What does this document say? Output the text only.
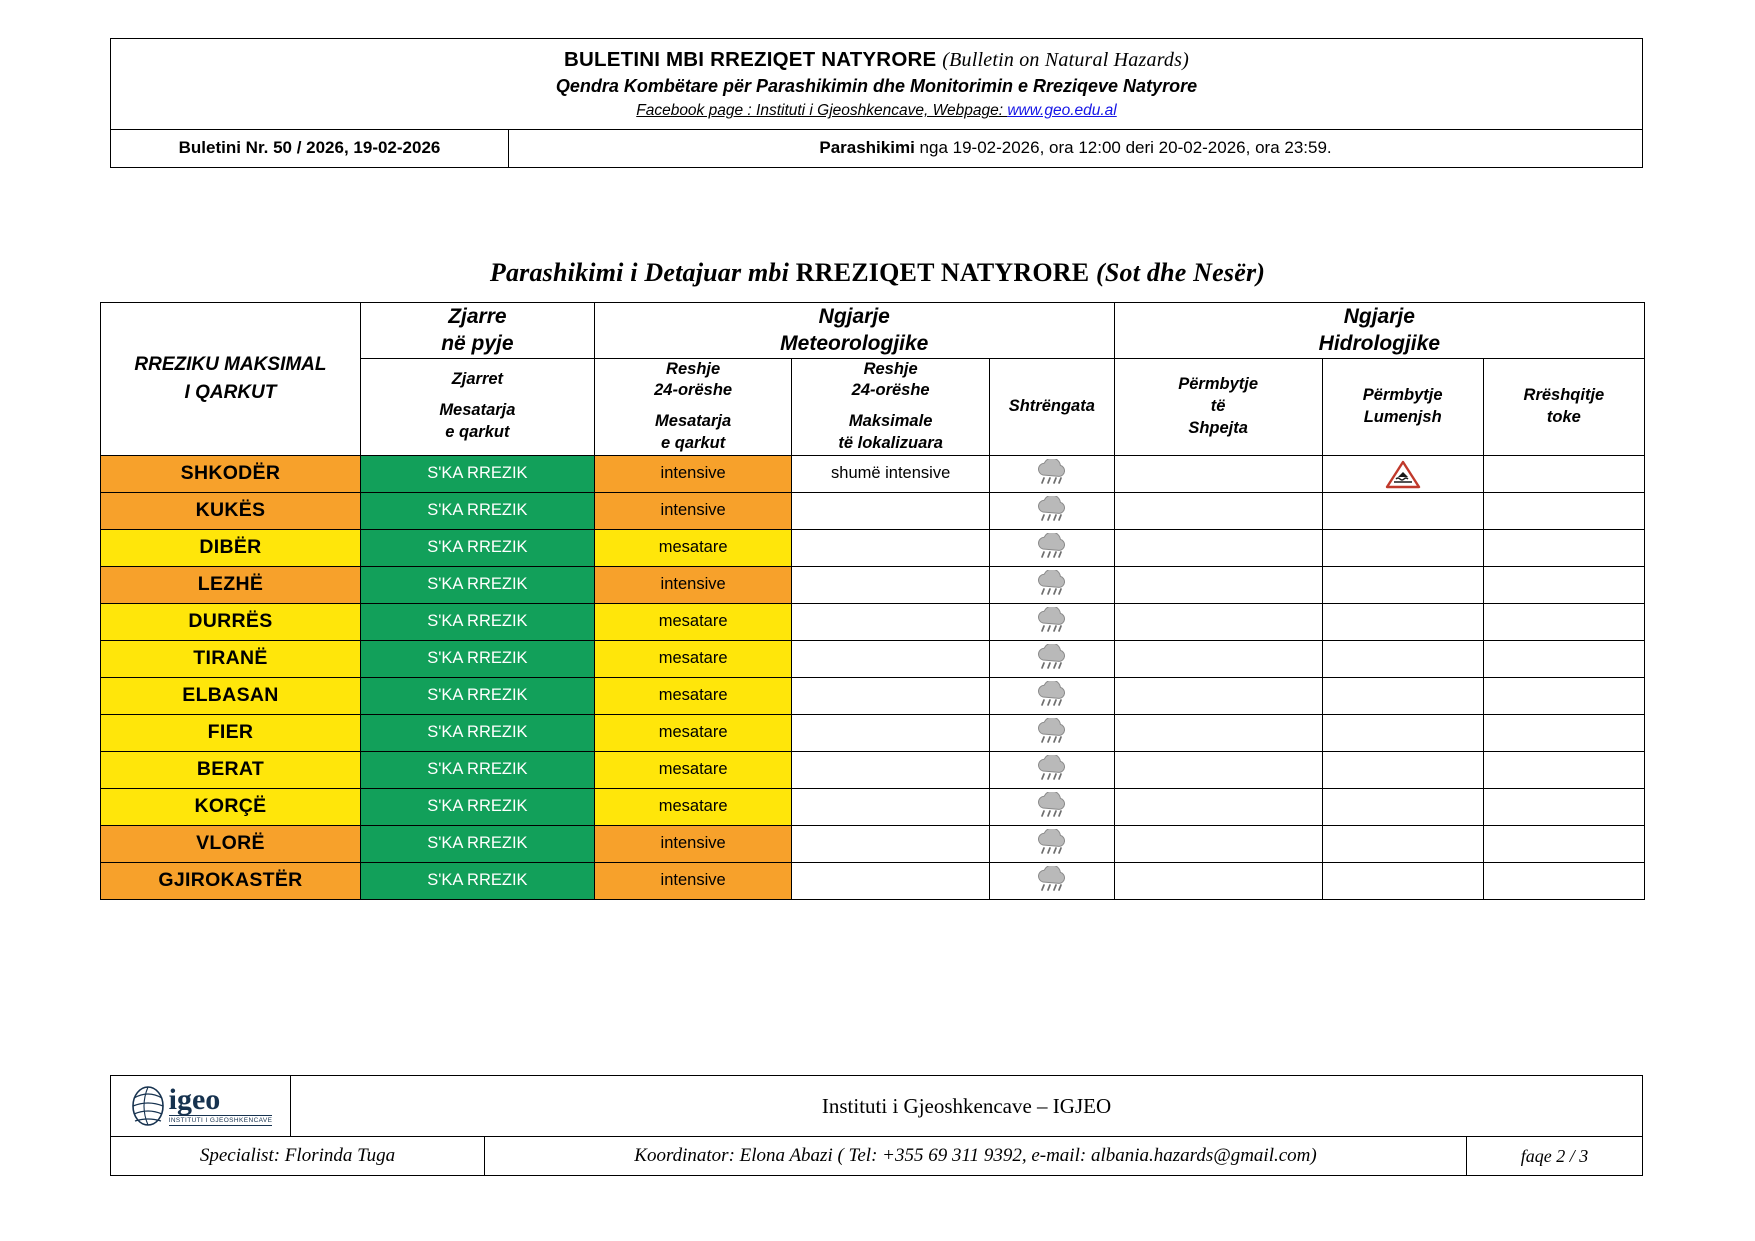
BULETINI MBI RREZIQET NATYRORE (Bulletin on Natural Hazards)
Qendra Kombëtare për Parashikimin dhe Monitorimin e Rreziqeve Natyrore
Facebook page : Instituti i Gjeoshkencave, Webpage: www.geo.edu.al
Buletini Nr. 50 / 2026, 19-02-2026	Parashikimi nga 19-02-2026, ora 12:00 deri 20-02-2026, ora 23:59.
Parashikimi i Detajuar mbi RREZIQET NATYRORE (Sot dhe Nesër)
RREZIKU MAKSIMAL
I QARKUT

Zjarre
në pyje

Ngjarje
Meteorologjike

Ngjarje
Hidrologjike

Zjarret
Mesatarja
e qarkut

Reshje
24-orëshe
Mesatarja
e qarkut

Reshje
24-orëshe
Maksimale
të lokalizuara

Shtrëngata

Përmbytje
të
Shpejta

Përmbytje
Lumenjsh

Rrëshqitje
toke

SHKODËR	S'KA RREZIK	intensive	shumë intensive	

KUKËS	S'KA RREZIK	intensive		

DIBËR	S'KA RREZIK	mesatare		

LEZHË	S'KA RREZIK	intensive		

DURRËS	S'KA RREZIK	mesatare		

TIRANË	S'KA RREZIK	mesatare		

ELBASAN	S'KA RREZIK	mesatare		

FIER	S'KA RREZIK	mesatare		

BERAT	S'KA RREZIK	mesatare		

KORÇË	S'KA RREZIK	mesatare		

VLORË	S'KA RREZIK	intensive		

GJIROKASTËR	S'KA RREZIK	intensive		

igeo
INSTITUTI I GJEOSHKENCAVE
Instituti i Gjeoshkencave – IGJEO
Specialist: Florinda Tuga	Koordinator: Elona Abazi ( Tel: +355 69 311 9392, e-mail: albania.hazards@gmail.com)	faqe 2 / 3
